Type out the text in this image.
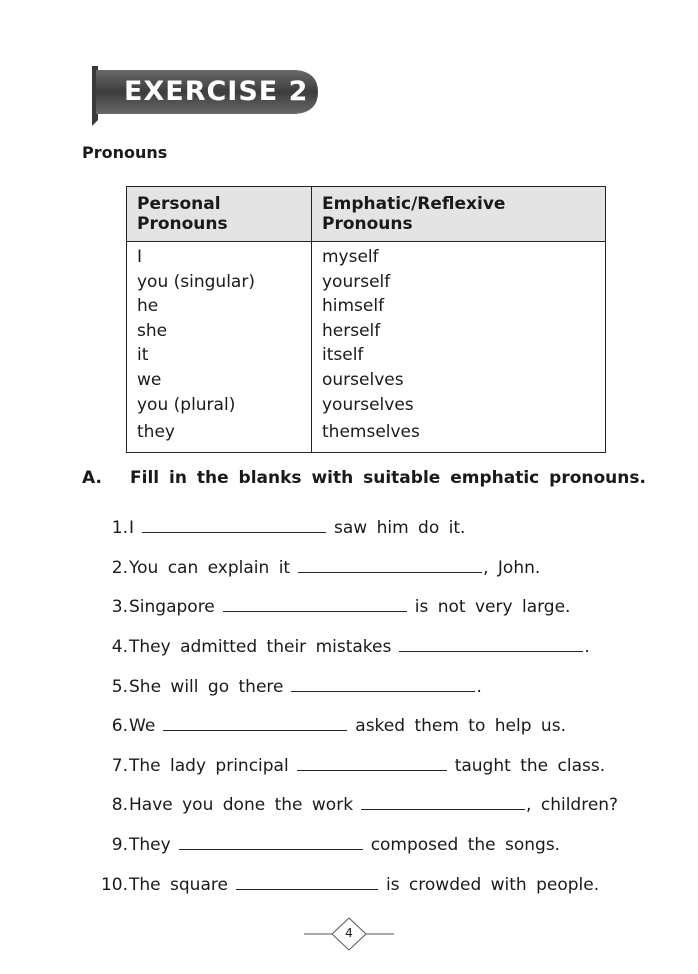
EXERCISE 2
Pronouns
Personal Pronouns	Emphatic/Reflexive Pronouns
I	myself
you (singular)	yourself
he	himself
she	herself
it	itself
we	ourselves
you (plural)	yourselves
they	themselves
A. Fill in the blanks with suitable emphatic pronouns.
1. I	saw him do it.
2. You can explain it	, John.
3. Singapore	is not very large.
4. They admitted their mistakes	.
5. She will go there	.
6. We	asked them to help us.
7. The lady principal	taught the class.
8. Have you done the work	, children?
9. They	composed the songs.
10. The square	is crowded with people.
4
